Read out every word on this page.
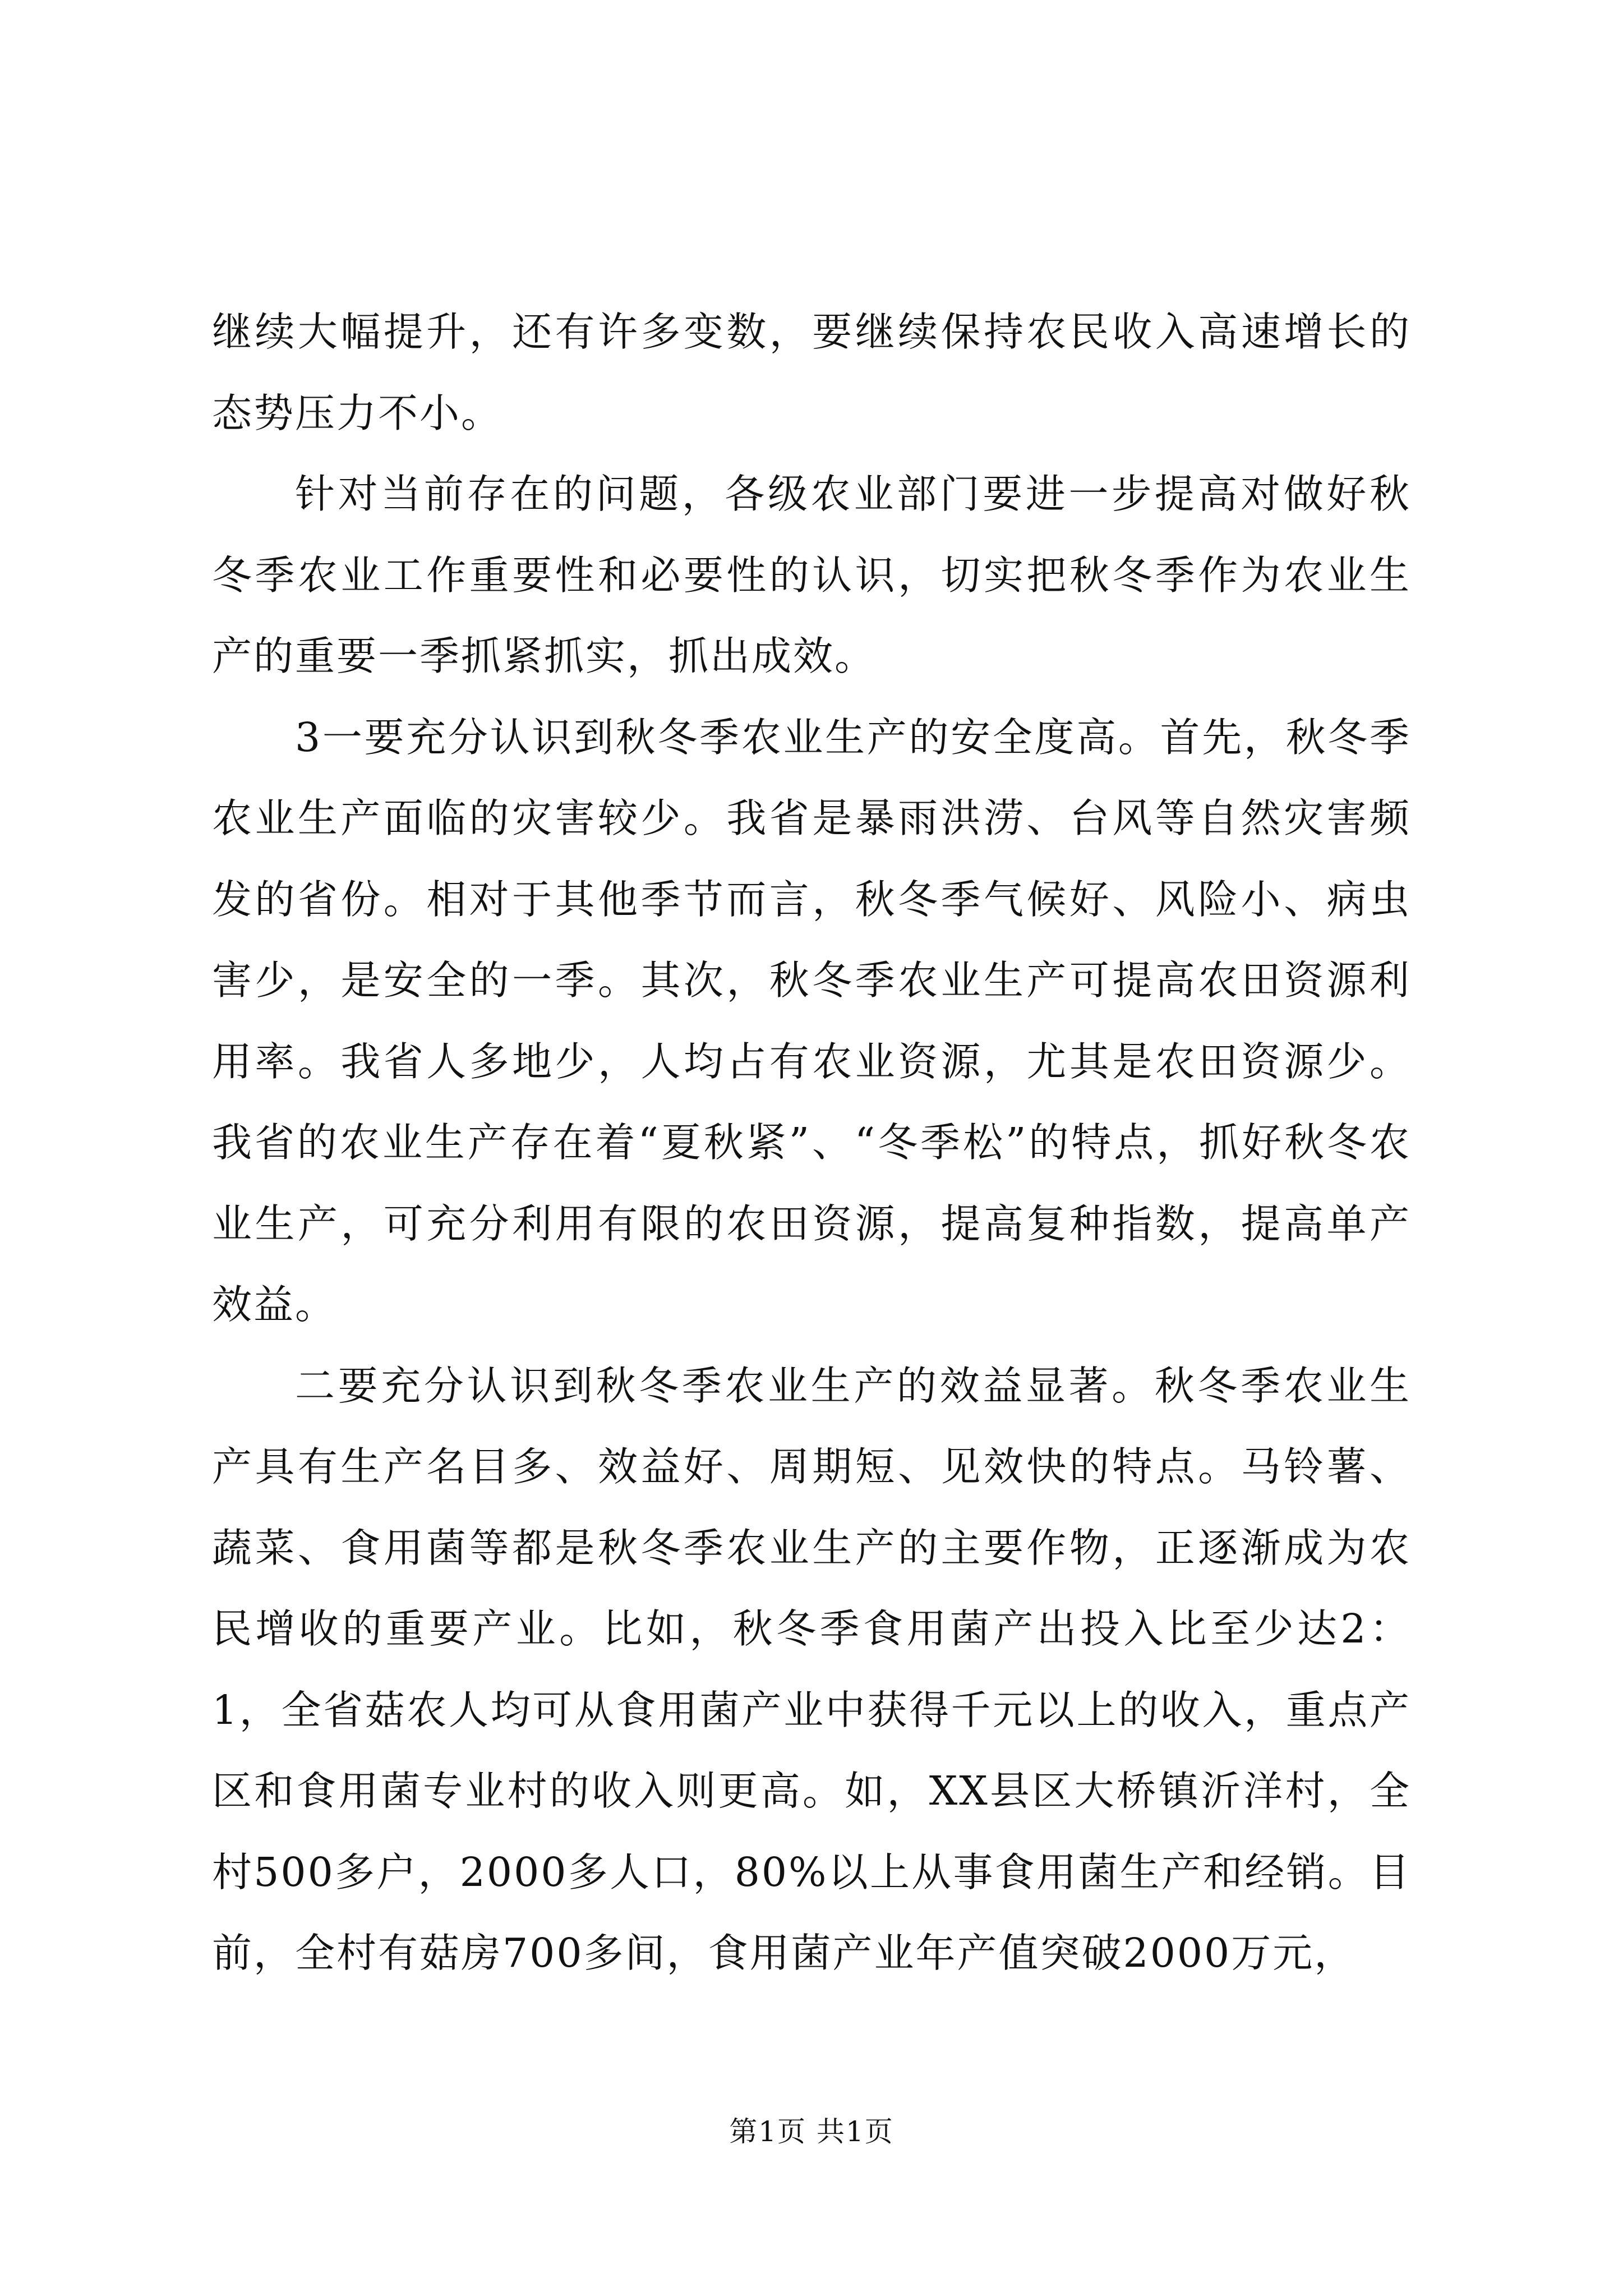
继续大幅提升，还有许多变数，要继续保持农民收入高速增长的态势压力不小。

针对当前存在的问题，各级农业部门要进一步提高对做好秋冬季农业工作重要性和必要性的认识，切实把秋冬季作为农业生产的重要一季抓紧抓实，抓出成效。

3一要充分认识到秋冬季农业生产的安全度高。首先，秋冬季农业生产面临的灾害较少。我省是暴雨洪涝、台风等自然灾害频发的省份。相对于其他季节而言，秋冬季气候好、风险小、病虫害少，是安全的一季。其次，秋冬季农业生产可提高农田资源利用率。我省人多地少，人均占有农业资源，尤其是农田资源少。我省的农业生产存在着“夏秋紧”、“冬季松”的特点，抓好秋冬农业生产，可充分利用有限的农田资源，提高复种指数，提高单产效益。

二要充分认识到秋冬季农业生产的效益显著。秋冬季农业生产具有生产名目多、效益好、周期短、见效快的特点。马铃薯、蔬菜、食用菌等都是秋冬季农业生产的主要作物，正逐渐成为农民增收的重要产业。比如，秋冬季食用菌产出投入比至少达2：1，全省菇农人均可从食用菌产业中获得千元以上的收入，重点产区和食用菌专业村的收入则更高。如，XX县区大桥镇沂洋村，全村500多户，2000多人口，80%以上从事食用菌生产和经销。目前，全村有菇房700多间，食用菌产业年产值突破2000万元，

第1页 共1页
